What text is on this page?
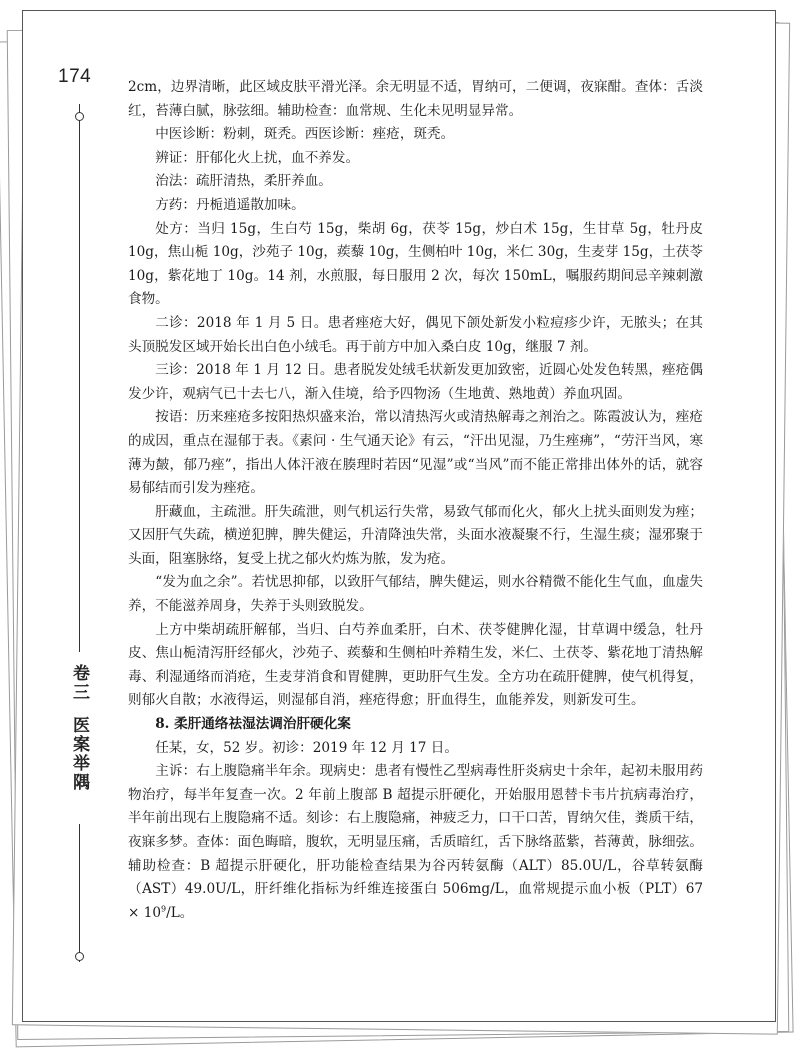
174
卷三医案举隅

2cm，边界清晰，此区域皮肤平滑光泽。余无明显不适，胃纳可，二便调，夜寐酣。查体：舌淡红，苔薄白腻，脉弦细。辅助检查：血常规、生化未见明显异常。

中医诊断：粉刺，斑秃。西医诊断：痤疮，斑秃。

辨证：肝郁化火上扰，血不养发。

治法：疏肝清热，柔肝养血。

方药：丹栀逍遥散加味。

处方：当归 15g，生白芍 15g，柴胡 6g，茯苓 15g，炒白术 15g，生甘草 5g，牡丹皮 10g，焦山栀 10g，沙苑子 10g，蒺藜 10g，生侧柏叶 10g，米仁 30g，生麦芽 15g，土茯苓 10g，紫花地丁 10g。14 剂，水煎服，每日服用 2 次，每次 150mL，嘱服药期间忌辛辣刺激食物。

二诊：2018 年 1 月 5 日。患者痤疮大好，偶见下颌处新发小粒痘疹少许，无脓头；在其头顶脱发区域开始长出白色小绒毛。再于前方中加入桑白皮 10g，继服 7 剂。

三诊：2018 年 1 月 12 日。患者脱发处绒毛状新发更加致密，近圆心处发色转黑，痤疮偶发少许，观病气已十去七八，渐入佳境，给予四物汤（生地黄、熟地黄）养血巩固。

按语：历来痤疮多按阳热炽盛来治，常以清热泻火或清热解毒之剂治之。陈霞波认为，痤疮的成因，重点在湿郁于表。《素问 · 生气通天论》有云，“汗出见湿，乃生痤疿”，“劳汗当风，寒薄为皶，郁乃痤”，指出人体汗液在腠理时若因“见湿”或“当风”而不能正常排出体外的话，就容易郁结而引发为痤疮。

肝藏血，主疏泄。肝失疏泄，则气机运行失常，易致气郁而化火，郁火上扰头面则发为痤；又因肝气失疏，横逆犯脾，脾失健运，升清降浊失常，头面水液凝聚不行，生湿生痰；湿邪聚于头面，阻塞脉络，复受上扰之郁火灼炼为脓，发为疮。

“发为血之余”。若忧思抑郁，以致肝气郁结，脾失健运，则水谷精微不能化生气血，血虚失养，不能滋养周身，失养于头则致脱发。

上方中柴胡疏肝解郁，当归、白芍养血柔肝，白术、茯苓健脾化湿，甘草调中缓急，牡丹皮、焦山栀清泻肝经郁火，沙苑子、蒺藜和生侧柏叶养精生发，米仁、土茯苓、紫花地丁清热解毒、利湿通络而消疮，生麦芽消食和胃健脾，更助肝气生发。全方功在疏肝健脾，使气机得复，则郁火自散；水液得运，则湿郁自消，痤疮得愈；肝血得生，血能养发，则新发可生。

8. 柔肝通络祛湿法调治肝硬化案

任某，女，52 岁。初诊：2019 年 12 月 17 日。

主诉：右上腹隐痛半年余。现病史：患者有慢性乙型病毒性肝炎病史十余年，起初未服用药物治疗，每半年复查一次。2 年前上腹部 B 超提示肝硬化，开始服用恩替卡韦片抗病毒治疗，半年前出现右上腹隐痛不适。刻诊：右上腹隐痛，神疲乏力，口干口苦，胃纳欠佳，粪质干结，夜寐多梦。查体：面色晦暗，腹软，无明显压痛，舌质暗红，舌下脉络蓝紫，苔薄黄，脉细弦。辅助检查：B 超提示肝硬化，肝功能检查结果为谷丙转氨酶（ALT）85.0U/L，谷草转氨酶（AST）49.0U/L，肝纤维化指标为纤维连接蛋白 506mg/L，血常规提示血小板$(PLT)67 \times 10^9/L$。
